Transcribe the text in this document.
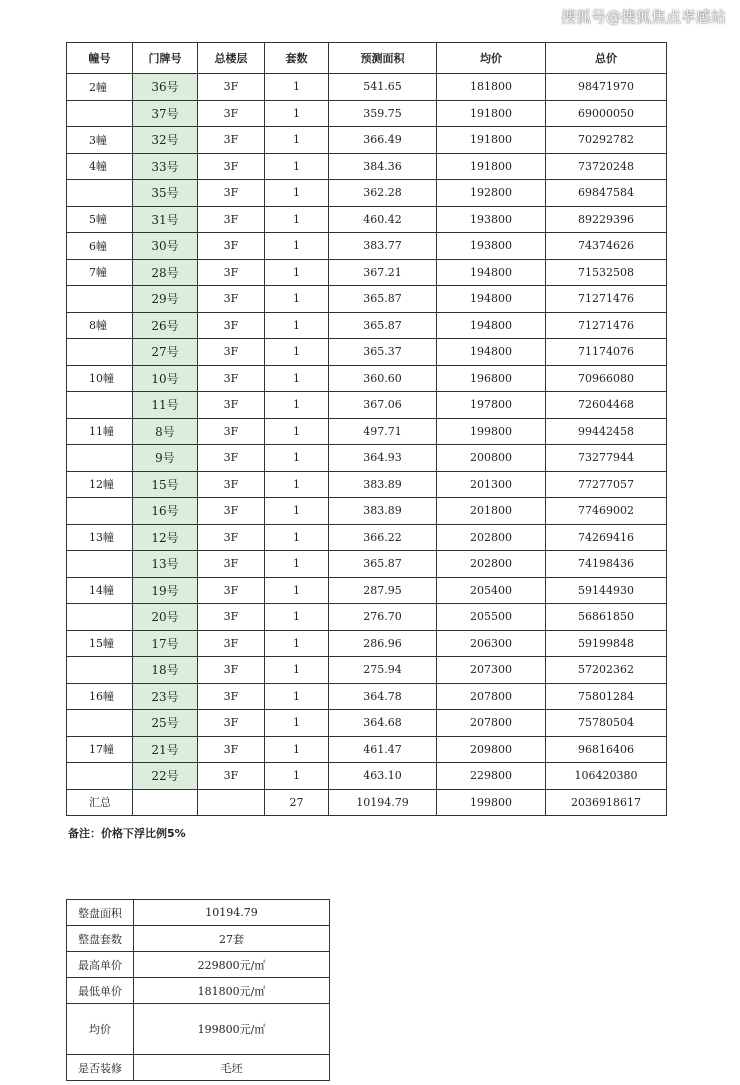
搜狐号@搜狐焦点孝感站
幢号	门牌号	总楼层	套数	预测面积	均价	总价
2幢	36号	3F	1	541.65	181800	98471970
	37号	3F	1	359.75	191800	69000050
3幢	32号	3F	1	366.49	191800	70292782
4幢	33号	3F	1	384.36	191800	73720248
	35号	3F	1	362.28	192800	69847584
5幢	31号	3F	1	460.42	193800	89229396
6幢	30号	3F	1	383.77	193800	74374626
7幢	28号	3F	1	367.21	194800	71532508
	29号	3F	1	365.87	194800	71271476
8幢	26号	3F	1	365.87	194800	71271476
	27号	3F	1	365.37	194800	71174076
10幢	10号	3F	1	360.60	196800	70966080
	11号	3F	1	367.06	197800	72604468
11幢	8号	3F	1	497.71	199800	99442458
	9号	3F	1	364.93	200800	73277944
12幢	15号	3F	1	383.89	201300	77277057
	16号	3F	1	383.89	201800	77469002
13幢	12号	3F	1	366.22	202800	74269416
	13号	3F	1	365.87	202800	74198436
14幢	19号	3F	1	287.95	205400	59144930
	20号	3F	1	276.70	205500	56861850
15幢	17号	3F	1	286.96	206300	59199848
	18号	3F	1	275.94	207300	57202362
16幢	23号	3F	1	364.78	207800	75801284
	25号	3F	1	364.68	207800	75780504
17幢	21号	3F	1	461.47	209800	96816406
	22号	3F	1	463.10	229800	106420380
汇总			27	10194.79	199800	2036918617
备注：价格下浮比例5%
整盘面积	10194.79
整盘套数	27套
最高单价	229800元/㎡
最低单价	181800元/㎡
均价	199800元/㎡
是否装修	毛坯
